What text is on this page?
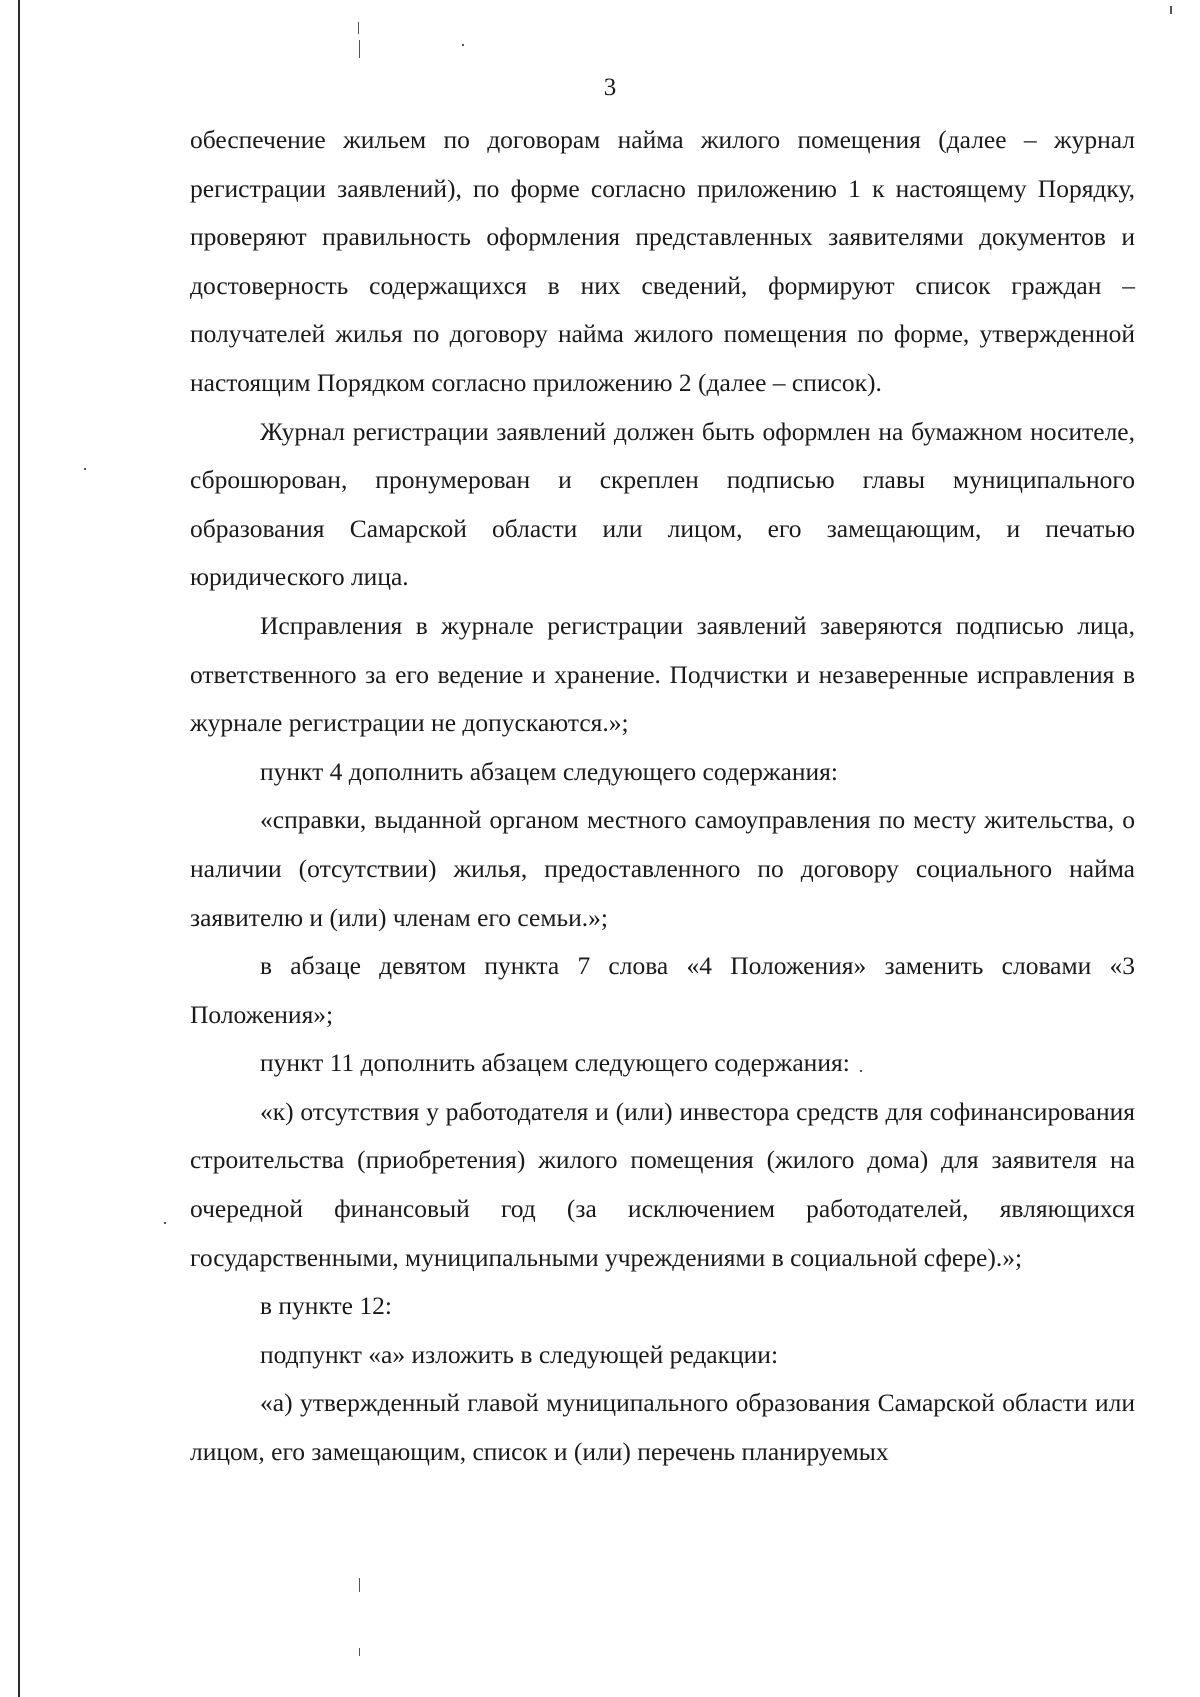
3

обеспечение жильем по договорам найма жилого помещения (далее – журнал регистрации заявлений), по форме согласно приложению 1 к настоящему Порядку, проверяют правильность оформления представленных заявителями документов и достоверность содержащихся в них сведений, формируют список граждан – получателей жилья по договору найма жилого помещения по форме, утвержденной настоящим Порядком согласно приложению 2 (далее – список).

Журнал регистрации заявлений должен быть оформлен на бумажном носителе, сброшюрован, пронумерован и скреплен подписью главы муниципального образования Самарской области или лицом, его замещающим, и печатью юридического лица.

Исправления в журнале регистрации заявлений заверяются подписью лица, ответственного за его ведение и хранение. Подчистки и незаверенные исправления в журнале регистрации не допускаются.»;

пункт 4 дополнить абзацем следующего содержания:

«справки, выданной органом местного самоуправления по месту жительства, о наличии (отсутствии) жилья, предоставленного по договору социального найма заявителю и (или) членам его семьи.»;

в абзаце девятом пункта 7 слова «4 Положения» заменить словами «3 Положения»;

пункт 11 дополнить абзацем следующего содержания:

«к) отсутствия у работодателя и (или) инвестора средств для софинансирования строительства (приобретения) жилого помещения (жилого дома) для заявителя на очередной финансовый год (за исключением работодателей, являющихся государственными, муниципальными учреждениями в социальной сфере).»;

в пункте 12:

подпункт «а» изложить в следующей редакции:

«а) утвержденный главой муниципального образования Самарской области или лицом, его замещающим, список и (или) перечень планируемых
